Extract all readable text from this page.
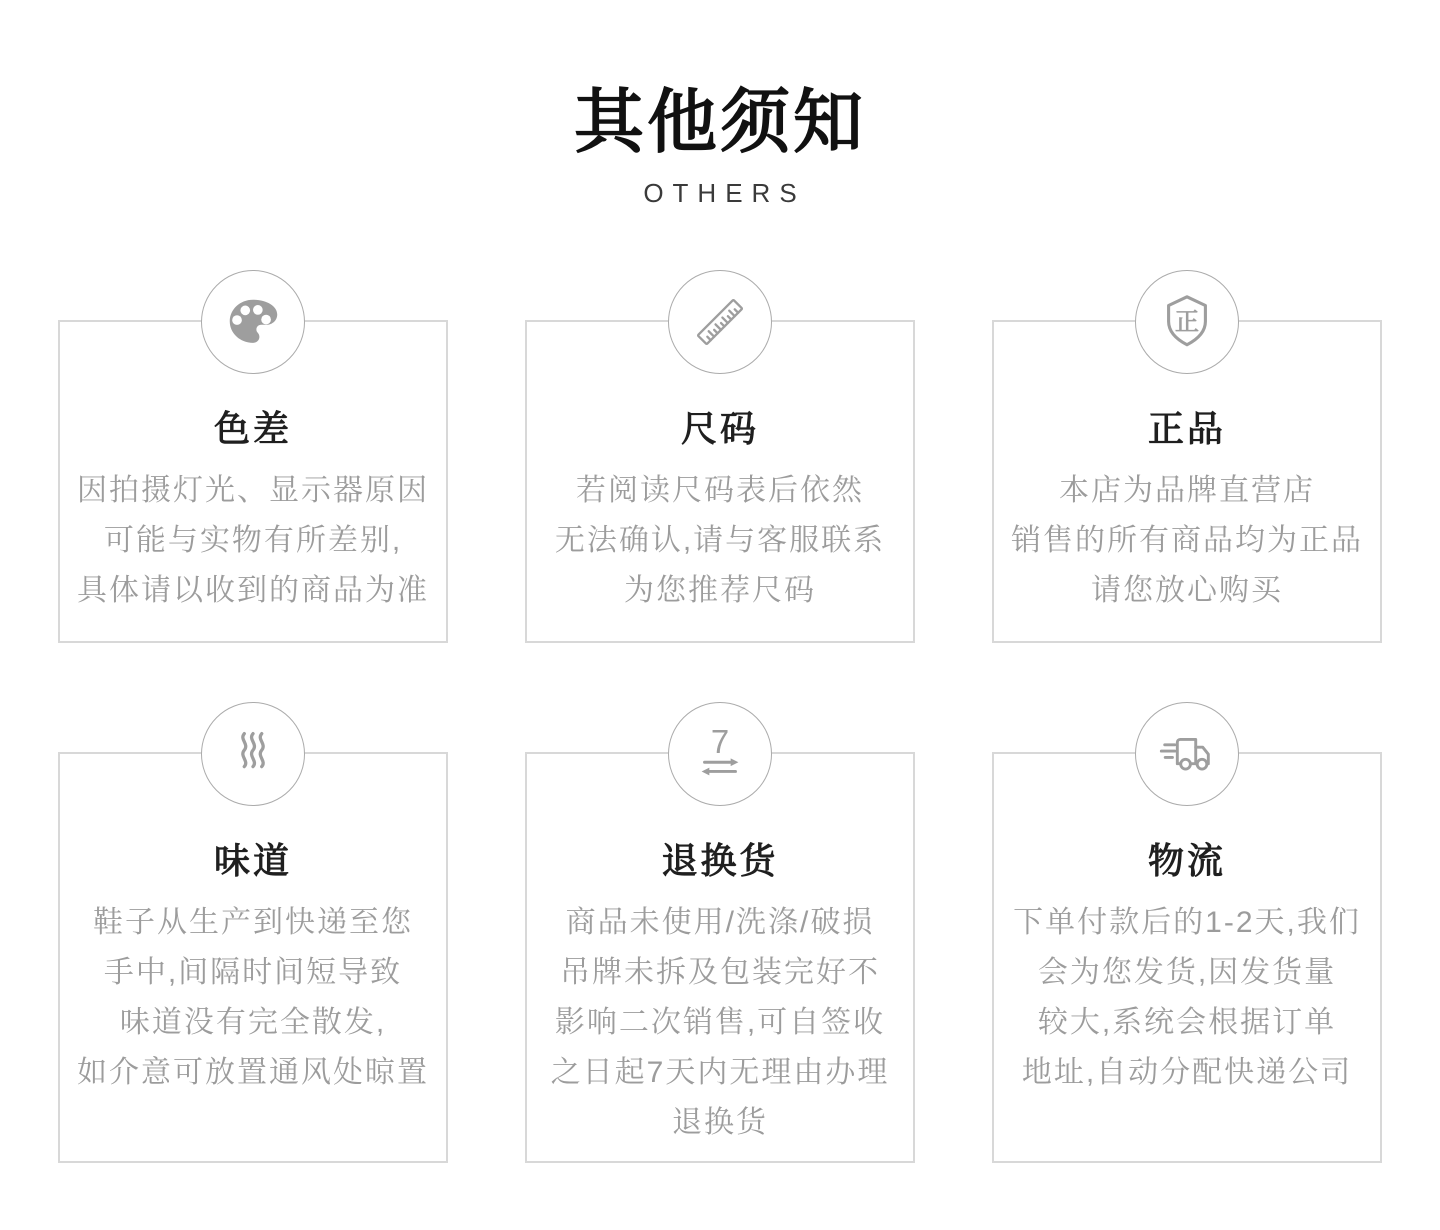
其他须知
OTHERS
色差

因拍摄灯光、显示器原因

可能与实物有所差别,

具体请以收到的商品为准

尺码

若阅读尺码表后依然

无法确认,请与客服联系

为您推荐尺码

正
正品

本店为品牌直营店

销售的所有商品均为正品

请您放心购买

味道

鞋子从生产到快递至您

手中,间隔时间短导致

味道没有完全散发,

如介意可放置通风处晾置

7
退换货

商品未使用/洗涤/破损

吊牌未拆及包装完好不

影响二次销售,可自签收

之日起7天内无理由办理

退换货

物流

下单付款后的1-2天,我们

会为您发货,因发货量

较大,系统会根据订单

地址,自动分配快递公司
